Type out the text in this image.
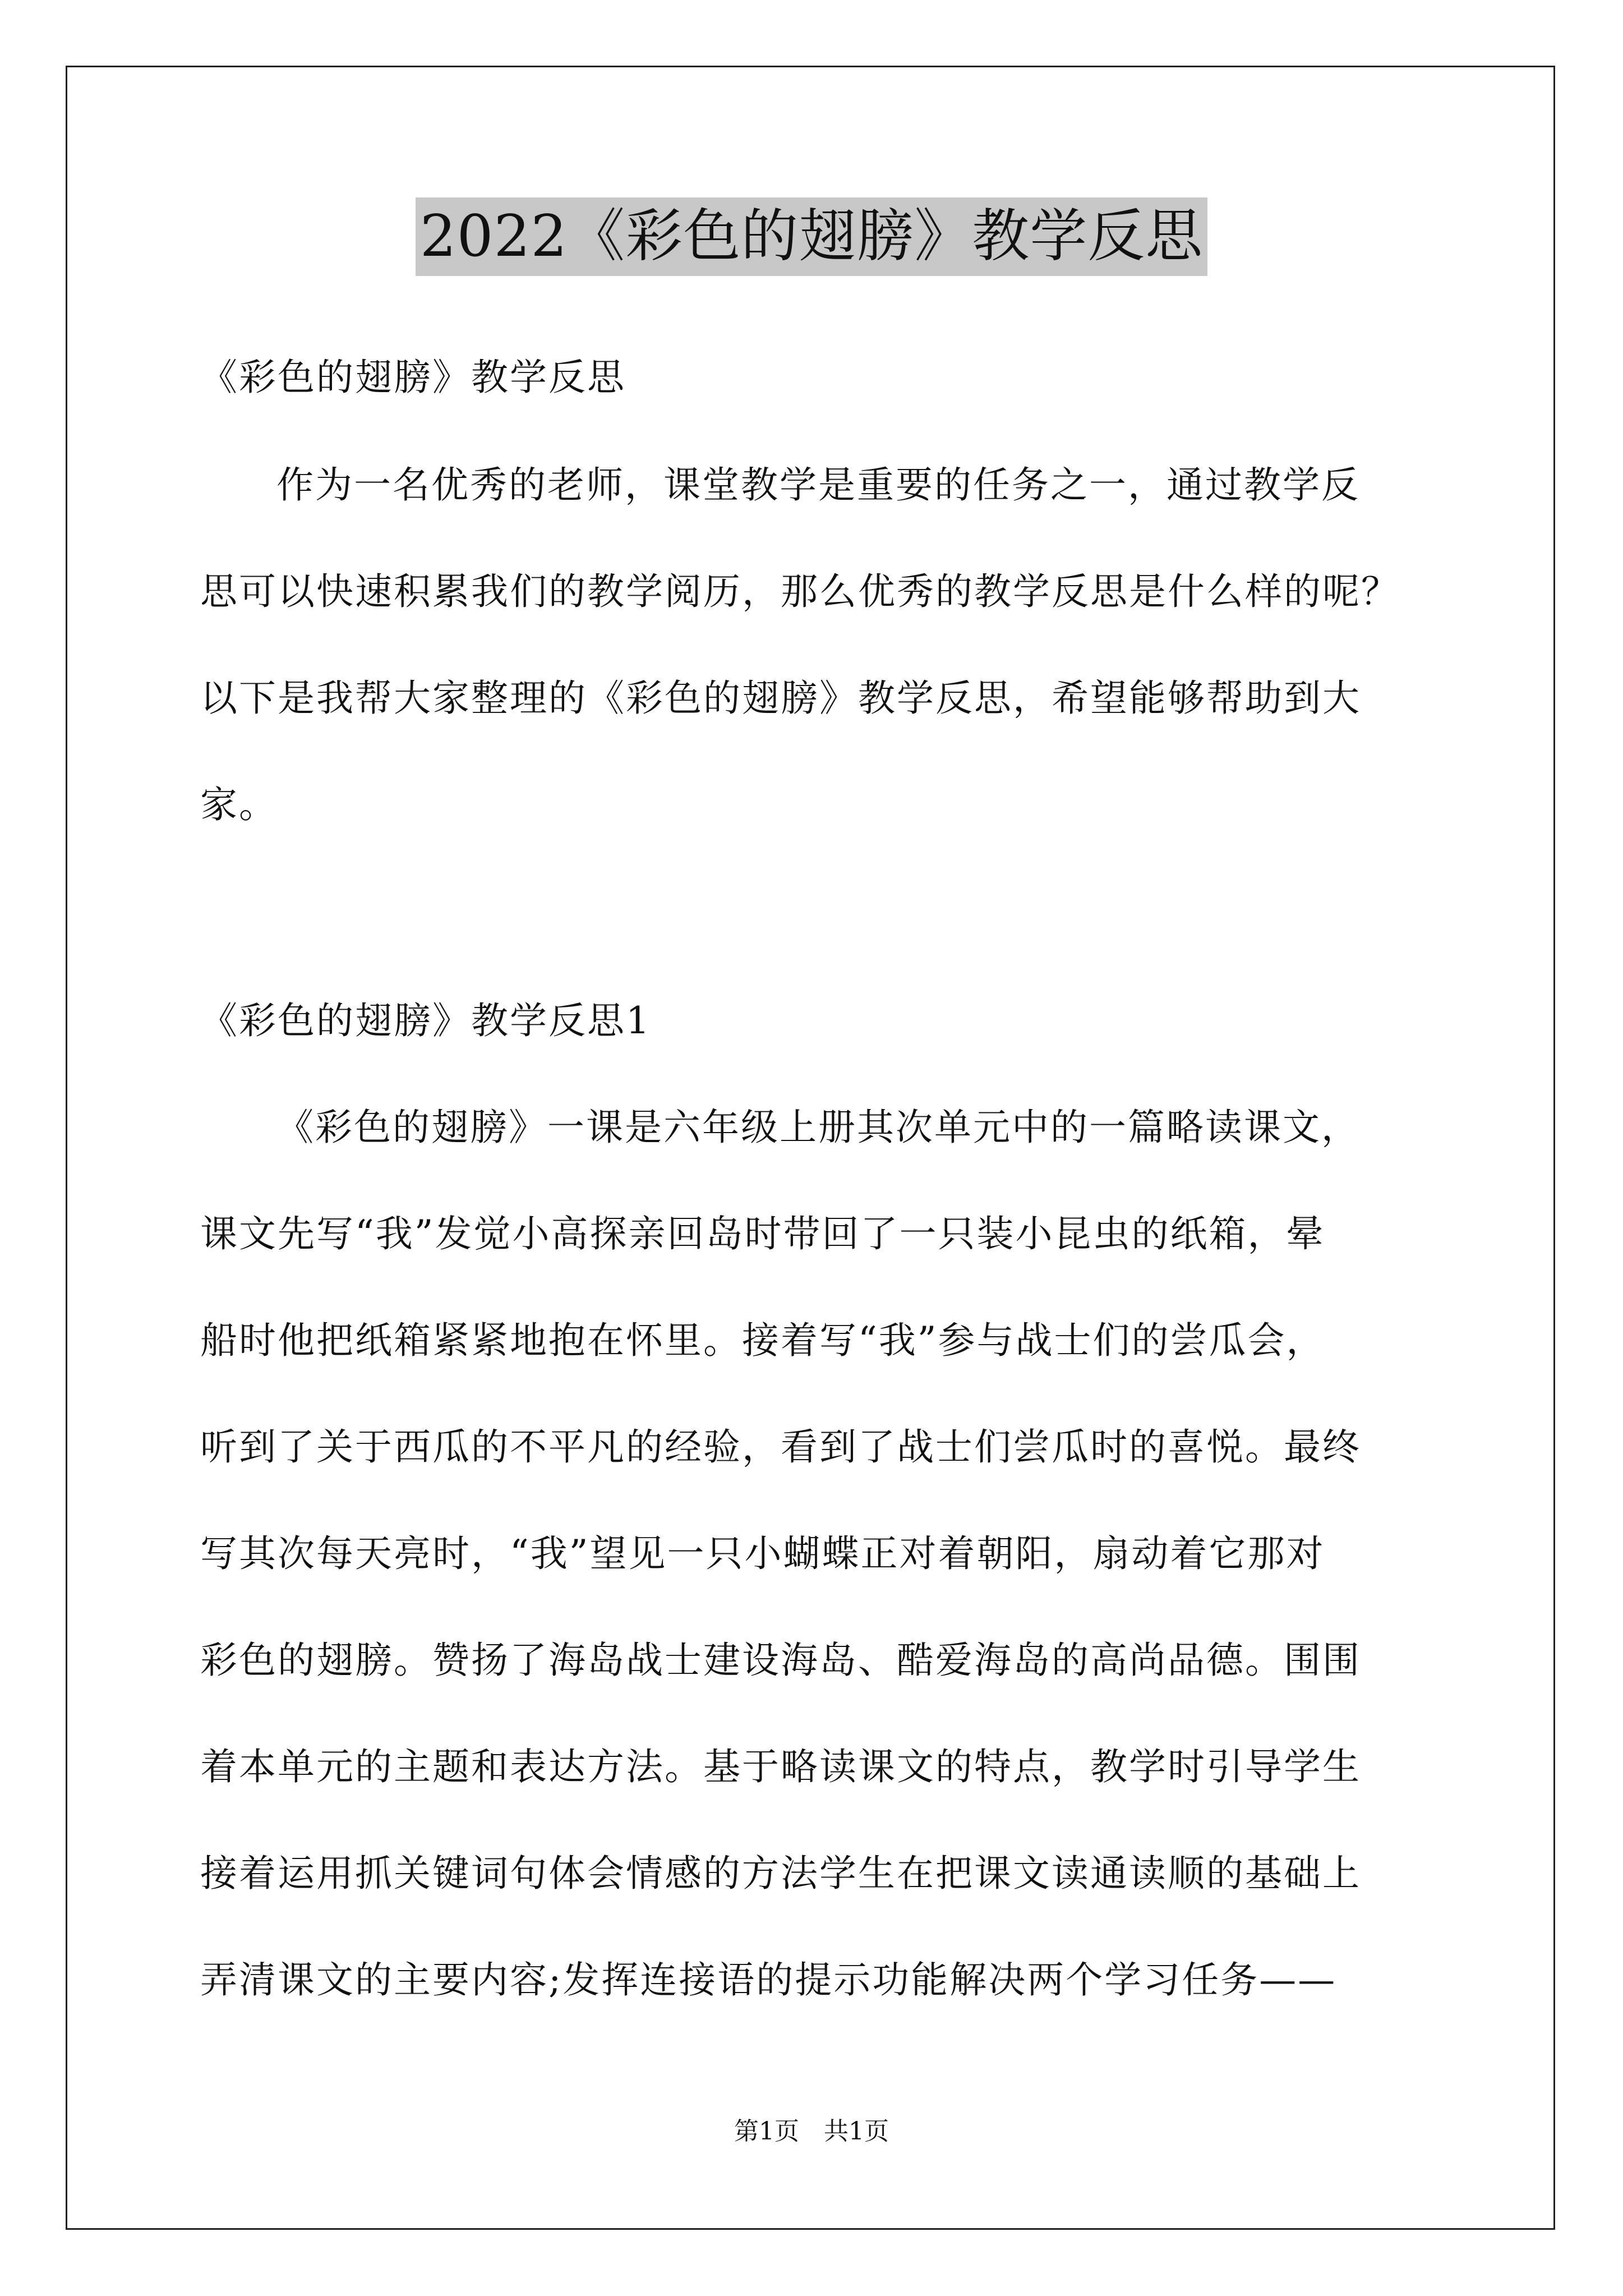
2022《彩色的翅膀》教学反思
《彩色的翅膀》教学反思
作为一名优秀的老师，课堂教学是重要的任务之一，通过教学反
思可以快速积累我们的教学阅历，那么优秀的教学反思是什么样的呢？
以下是我帮大家整理的《彩色的翅膀》教学反思，希望能够帮助到大
家。
《彩色的翅膀》教学反思1
《彩色的翅膀》一课是六年级上册其次单元中的一篇略读课文，
课文先写“我”发觉小高探亲回岛时带回了一只装小昆虫的纸箱，晕
船时他把纸箱紧紧地抱在怀里。接着写“我”参与战士们的尝瓜会，
听到了关于西瓜的不平凡的经验，看到了战士们尝瓜时的喜悦。最终
写其次每天亮时，“我”望见一只小蝴蝶正对着朝阳，扇动着它那对
彩色的翅膀。赞扬了海岛战士建设海岛、酷爱海岛的高尚品德。围围
着本单元的主题和表达方法。基于略读课文的特点，教学时引导学生
接着运用抓关键词句体会情感的方法学生在把课文读通读顺的基础上
弄清课文的主要内容;发挥连接语的提示功能解决两个学习任务——
第1页　共1页
